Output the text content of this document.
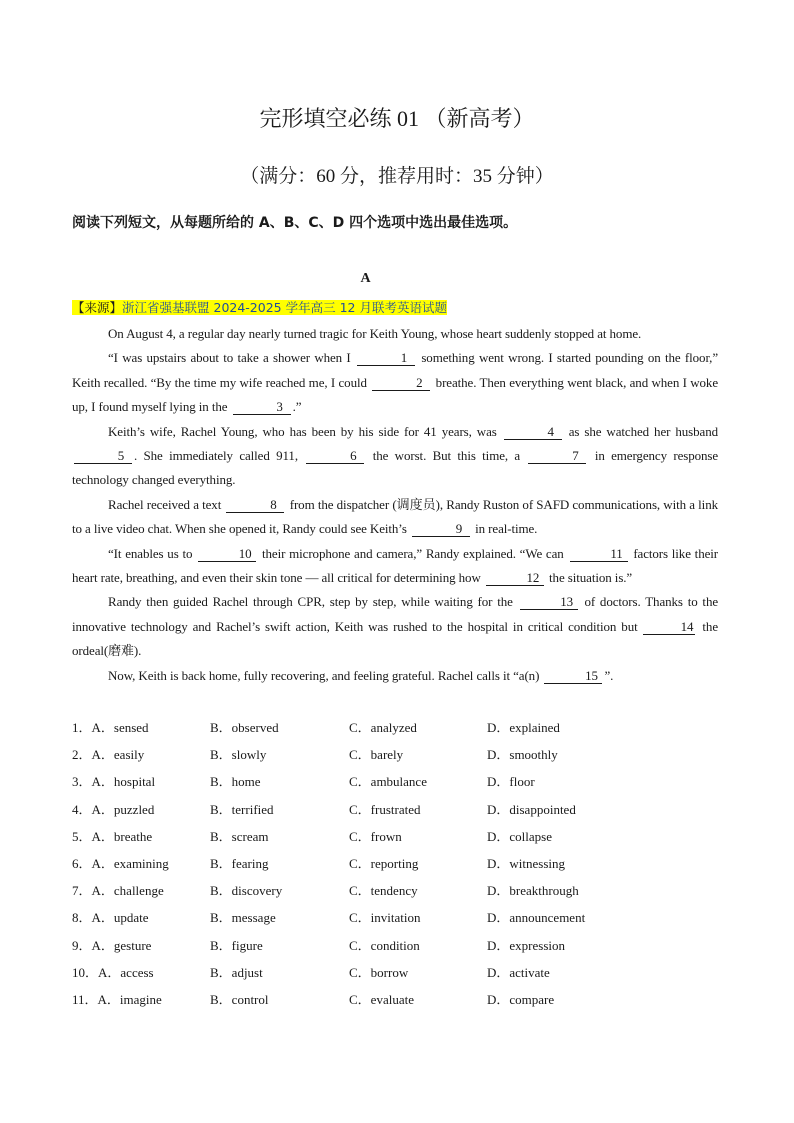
完形填空必练 01 （新高考）
（满分：60 分，推荐用时：35 分钟）
阅读下列短文，从每题所给的 A、B、C、D 四个选项中选出最佳选项。
A
【来源】浙江省强基联盟 2024-2025 学年高三 12 月联考英语试题

On August 4, a regular day nearly turned tragic for Keith Young, whose heart suddenly stopped at home.

“I was upstairs about to take a shower when I	1 something went wrong. I started pounding on the floor,” Keith recalled. “By the time my wife reached me, I could	2 breathe. Then everything went black, and when I woke up, I found myself lying in the	3 .”

Keith’s wife, Rachel Young, who has been by his side for 41 years, was	4 as she watched her husband 5 . She immediately called 911,	6 the worst. But this time, a	7 in emergency response technology changed everything.

Rachel received a text	8 from the dispatcher (调度员), Randy Ruston of SAFD communications, with a link to a live video chat. When she opened it, Randy could see Keith’s	9 in real-time.

“It enables us to	10 their microphone and camera,” Randy explained. “We can	11 factors like their heart rate, breathing, and even their skin tone — all critical for determining how	12 the situation is.”

Randy then guided Rachel through CPR, step by step, while waiting for the	13 of doctors. Thanks to the innovative technology and Rachel’s swift action, Keith was rushed to the hospital in critical condition but	14 the ordeal(磨难).

Now, Keith is back home, fully recovering, and feeling grateful. Rachel calls it “a(n)	15 ”.

1．A．sensed	B．observed	C．analyzed	D．explained
2．A．easily	B．slowly	C．barely	D．smoothly
3．A．hospital	B．home	C．ambulance	D．floor
4．A．puzzled	B．terrified	C．frustrated	D．disappointed
5．A．breathe	B．scream	C．frown	D．collapse
6．A．examining	B．fearing	C．reporting	D．witnessing
7．A．challenge	B．discovery	C．tendency	D．breakthrough
8．A．update	B．message	C．invitation	D．announcement
9．A．gesture	B．figure	C．condition	D．expression
10．A．access	B．adjust	C．borrow	D．activate
11．A．imagine	B．control	C．evaluate	D．compare
